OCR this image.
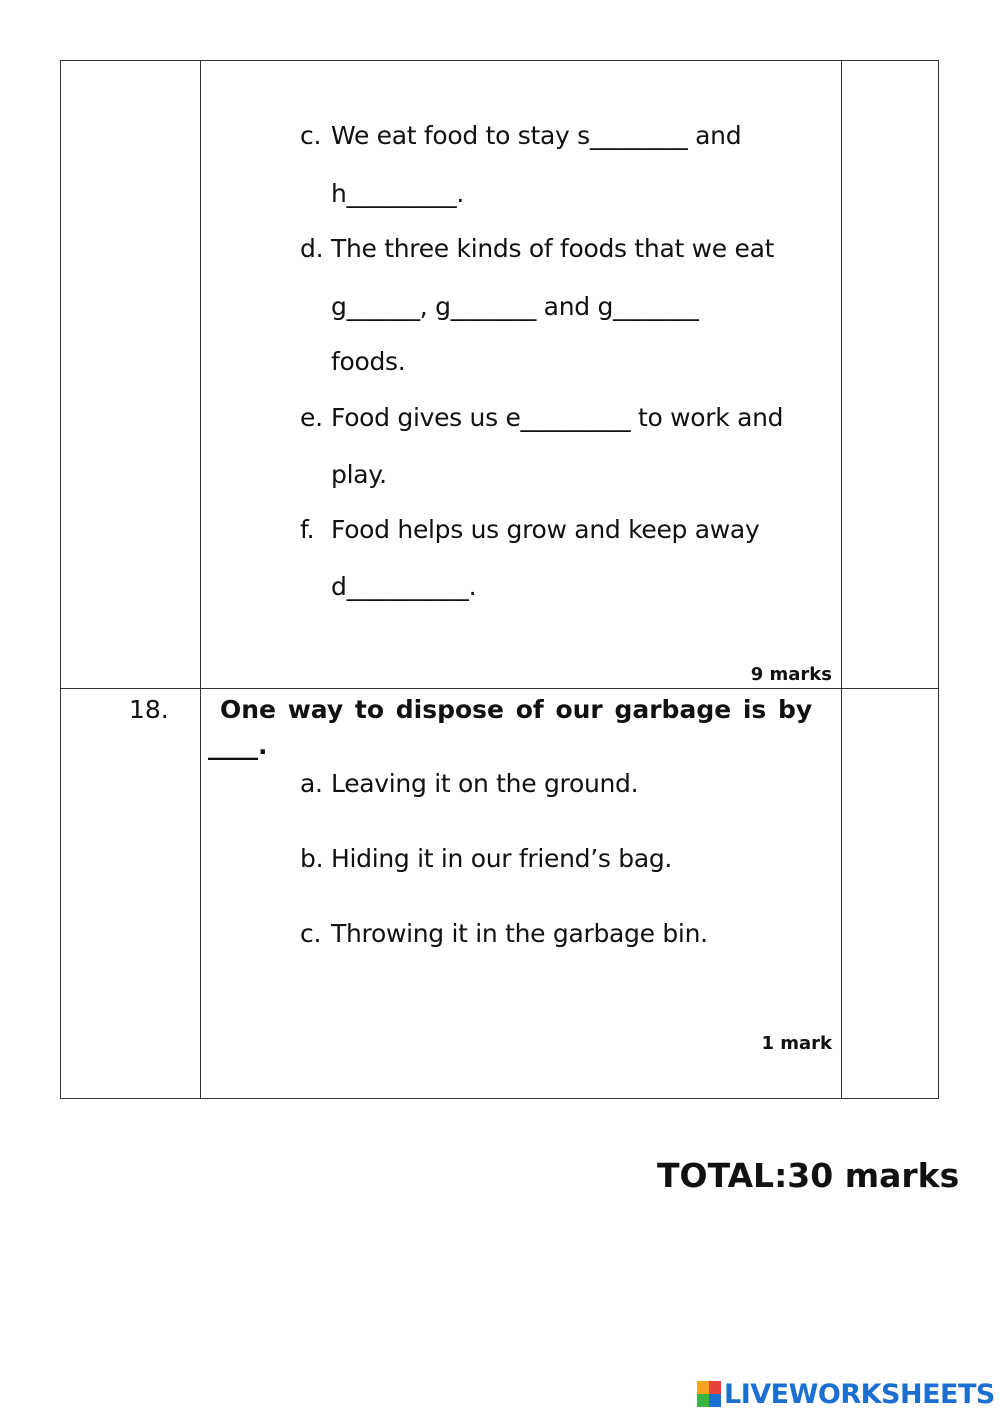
c. We eat food to stay s________ and
h_________.
d. The three kinds of foods that we eat
g______, g_______ and g_______
foods.
e. Food gives us e_________ to work and
play.
f. Food helps us grow and keep away
d__________.
9 marks
18. One way to dispose of our garbage is by
____.
a. Leaving it on the ground.
b. Hiding it in our friend’s bag.
c. Throwing it in the garbage bin.
1 mark
TOTAL:30 marks
LIVEWORKSHEETS
